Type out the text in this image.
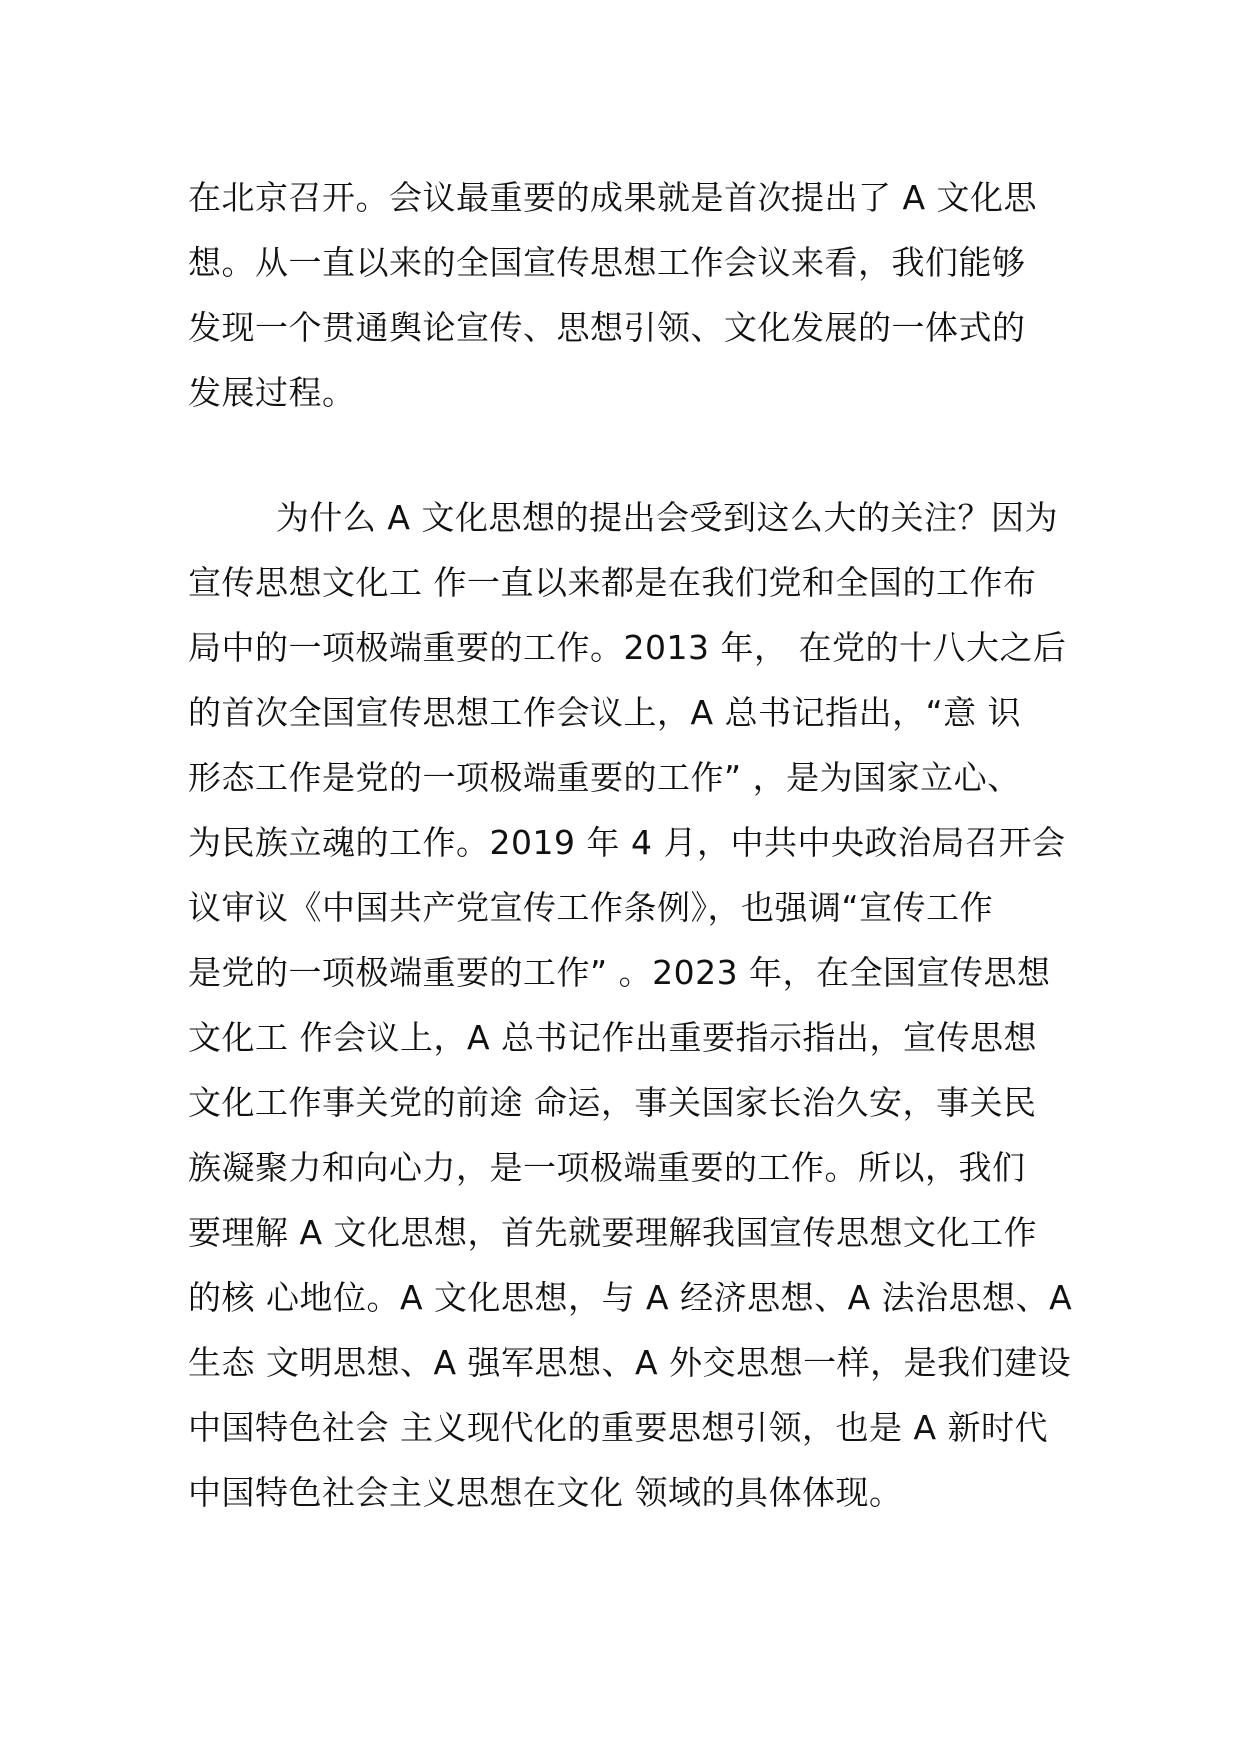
在北京召开。会议最重要的成果就是首次提出了 A 文化思
想。从一直以来的全国宣传思想工作会议来看，我们能够
发现一个贯通舆论宣传、思想引领、文化发展的一体式的
发展过程。
为什么 A 文化思想的提出会受到这么大的关注？因为
宣传思想文化工 作一直以来都是在我们党和全国的工作布
局中的一项极端重要的工作。2013 年， 在党的十八大之后
的首次全国宣传思想工作会议上，A 总书记指出，“意 识
形态工作是党的一项极端重要的工作” ，是为国家立心、
为民族立魂的工作。2019 年 4 月，中共中央政治局召开会
议审议《中国共产党宣传工作条例》，也强调“宣传工作
是党的一项极端重要的工作” 。2023 年，在全国宣传思想
文化工 作会议上，A 总书记作出重要指示指出，宣传思想
文化工作事关党的前途 命运，事关国家长治久安，事关民
族凝聚力和向心力，是一项极端重要的工作。所以，我们
要理解 A 文化思想，首先就要理解我国宣传思想文化工作
的核 心地位。A 文化思想，与 A 经济思想、A 法治思想、A
生态 文明思想、A 强军思想、A 外交思想一样，是我们建设
中国特色社会 主义现代化的重要思想引领，也是 A 新时代
中国特色社会主义思想在文化 领域的具体体现。
